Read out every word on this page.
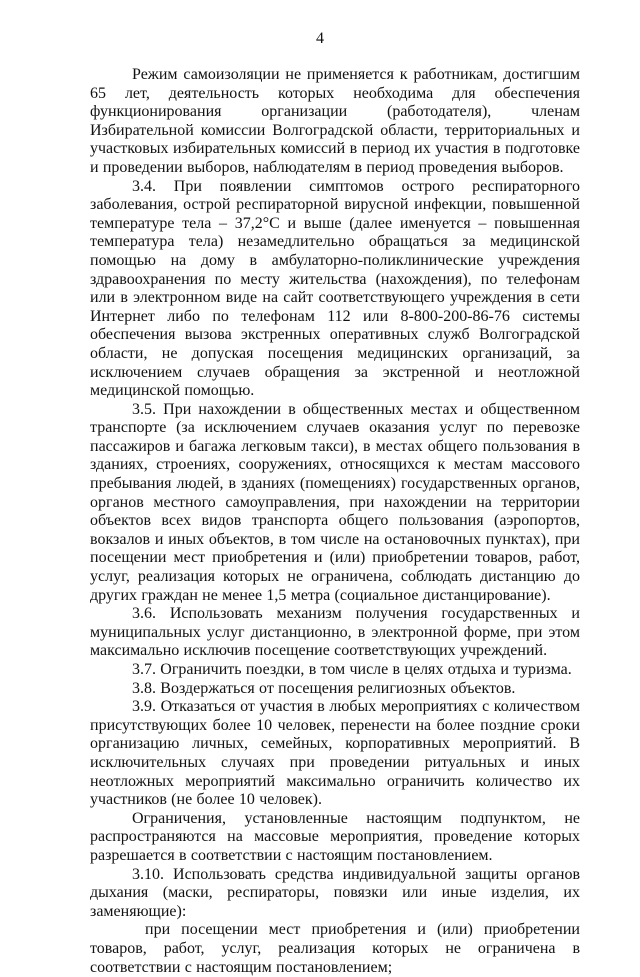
4

Режим самоизоляции не применяется к работникам, достигшим 65 лет, деятельность которых необходима для обеспечения функционирования организации (работодателя), членам Избирательной комиссии Волгоградской области, территориальных и участковых избирательных комиссий в период их участия в подготовке и проведении выборов, наблюдателям в период проведения выборов.

3.4. При появлении симптомов острого респираторного заболевания, острой респираторной вирусной инфекции, повышенной температуре тела – 37,2°С и выше (далее именуется – повышенная температура тела) незамедлительно обращаться за медицинской помощью на дому в амбулаторно-поликлинические учреждения здравоохранения по месту жительства (нахождения), по телефонам или в электронном виде на сайт соответствующего учреждения в сети Интернет либо по телефонам 112 или 8-800-200-86-76 системы обеспечения вызова экстренных оперативных служб Волгоградской области, не допуская посещения медицинских организаций, за исключением случаев обращения за экстренной и неотложной медицинской помощью.

3.5. При нахождении в общественных местах и общественном транспорте (за исключением случаев оказания услуг по перевозке пассажиров и багажа легковым такси), в местах общего пользования в зданиях, строениях, сооружениях, относящихся к местам массового пребывания людей, в зданиях (помещениях) государственных органов, органов местного самоуправления, при нахождении на территории объектов всех видов транспорта общего пользования (аэропортов, вокзалов и иных объектов, в том числе на остановочных пунктах), при посещении мест приобретения и (или) приобретении товаров, работ, услуг, реализация которых не ограничена, соблюдать дистанцию до других граждан не менее 1,5 метра (социальное дистанцирование).

3.6. Использовать механизм получения государственных и муниципальных услуг дистанционно, в электронной форме, при этом максимально исключив посещение соответствующих учреждений.

3.7. Ограничить поездки, в том числе в целях отдыха и туризма.

3.8. Воздержаться от посещения религиозных объектов.

3.9. Отказаться от участия в любых мероприятиях с количеством присутствующих более 10 человек, перенести на более поздние сроки организацию личных, семейных, корпоративных мероприятий. В исключительных случаях при проведении ритуальных и иных неотложных мероприятий максимально ограничить количество их участников (не более 10 человек).

Ограничения, установленные настоящим подпунктом, не распространяются на массовые мероприятия, проведение которых разрешается в соответствии с настоящим постановлением.

3.10. Использовать средства индивидуальной защиты органов дыхания (маски, респираторы, повязки или иные изделия, их заменяющие):

при посещении мест приобретения и (или) приобретении товаров, работ, услуг, реализация которых не ограничена в соответствии с настоящим постановлением;
